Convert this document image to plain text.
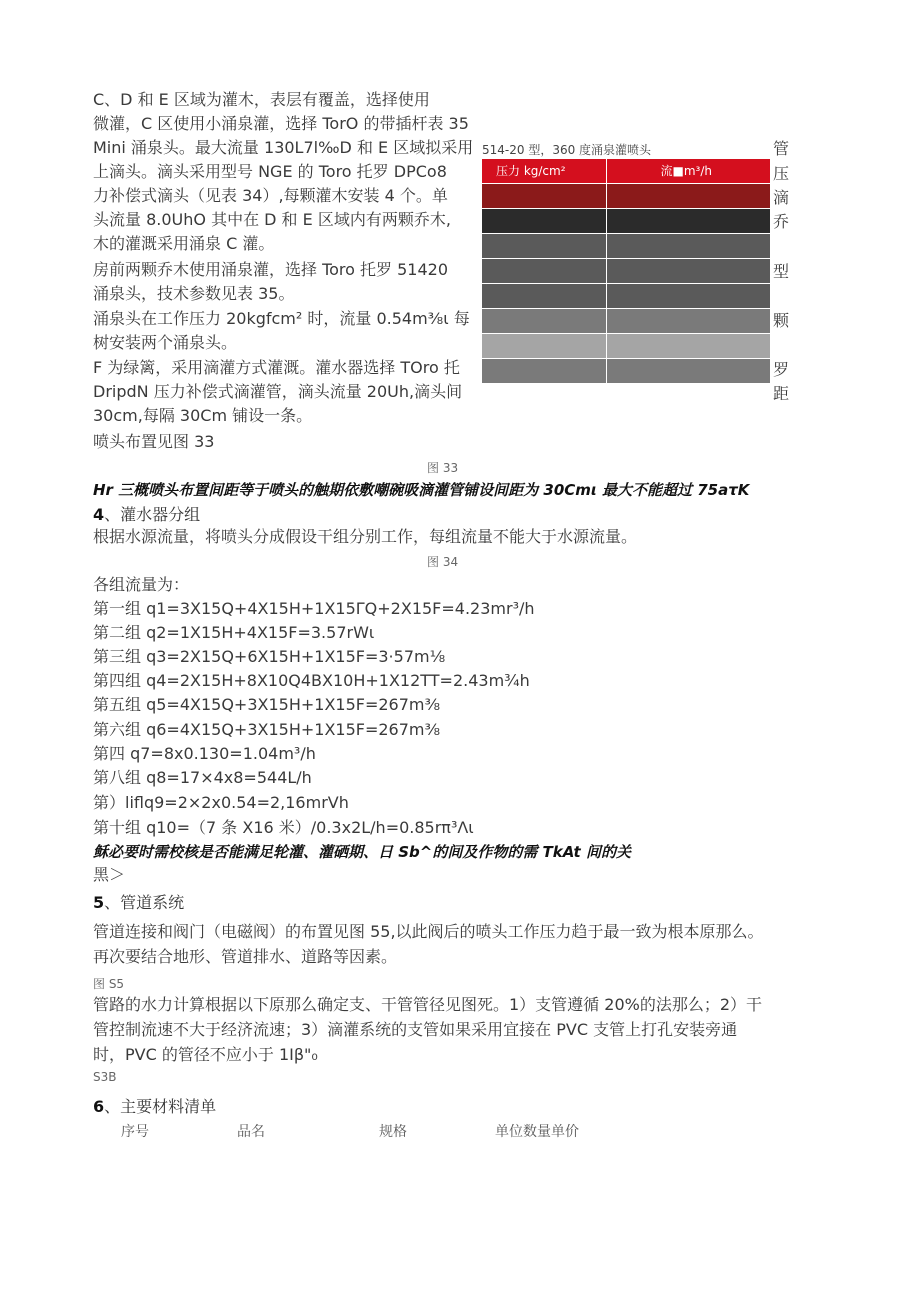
C、D 和 E 区域为灌木，表层有覆盖，选择使用
微灌，C 区使用小涌泉灌，选择 TorO 的带插杆表 35
Mini 涌泉头。最大流量 130L7l‰D 和 E 区域拟采用
上滴头。滴头采用型号 NGE 的 Toro 托罗 DPCo8
力补偿式滴头（见表 34）,每颗灌木安装 4 个。单
头流量 8.0UhO 其中在 D 和 E 区域内有两颗乔木,
木的灌溉采用涌泉 C 灌。
房前两颗乔木使用涌泉灌，选择 Toro 托罗 51420
涌泉头，技术参数见表 35。
涌泉头在工作压力 20kgfcm² 时，流量 0.54m⅜ι 每
树安装两个涌泉头。
F 为绿篱，采用滴灌方式灌溉。灌水器选择 TOro 托
DripdN 压力补偿式滴灌管，滴头流量 20Uh,滴头间
30cm,每隔 30Cm 铺设一条。
喷头布置见图 33
514-20 型，360 度涌泉灌喷头
压力 kg∕cm²	流■m³∕h
管
压
滴
乔
型
颗
罗
距
图 33
Hr 三概喷头布置间距等于喷头的触期依敷嘲碗吸滴灌管铺设间距为 30Cmι 最大不能超过 75aτK
4、灌水器分组
根据水源流量，将喷头分成假设干组分别工作，每组流量不能大于水源流量。
图 34
各组流量为：
第一组 q1=3X15Q+4X15H+1X15ΓQ+2X15F=4.23mr³∕h
第二组 q2=1X15H+4X15F=3.57rWι
第三组 q3=2X15Q+6X15H+1X15F=3·57m⅛
第四组 q4=2X15H+8X10Q4BX10H+1X12TT=2.43m¾h
第五组 q5=4X15Q+3X15H+1X15F=267m⅜
第六组 q6=4X15Q+3X15H+1X15F=267m⅜
第四 q7=8x0.130=1.04m³∕h
第八组 q8=17×4x8=544L∕h
第）liflq9=2×2x0.54=2,16mrVh
第十组 q10=（7 条 X16 米）∕0.3x2L∕h=0.85rπ³Λι
稣必要时需校核是否能满足轮灌、灌硒期、日 Sb^的间及作物的需 TkAt 间的关
黑＞
5、管道系统
管道连接和阀门（电磁阀）的布置见图 55,以此阀后的喷头工作压力趋于最一致为根本原那么。
再次要结合地形、管道排水、道路等因素。
图 S5
管路的水力计算根据以下原那么确定支、干管管径见图死。1）支管遵循 20%的法那么；2）干
管控制流速不大于经济流速；3）滴灌系统的支管如果采用宜接在 PVC 支管上打孔安装旁通
时，PVC 的管径不应小于 1Iβ"₀
S3B
6、主要材料清单
序号	品名	规格	单位数量单价
